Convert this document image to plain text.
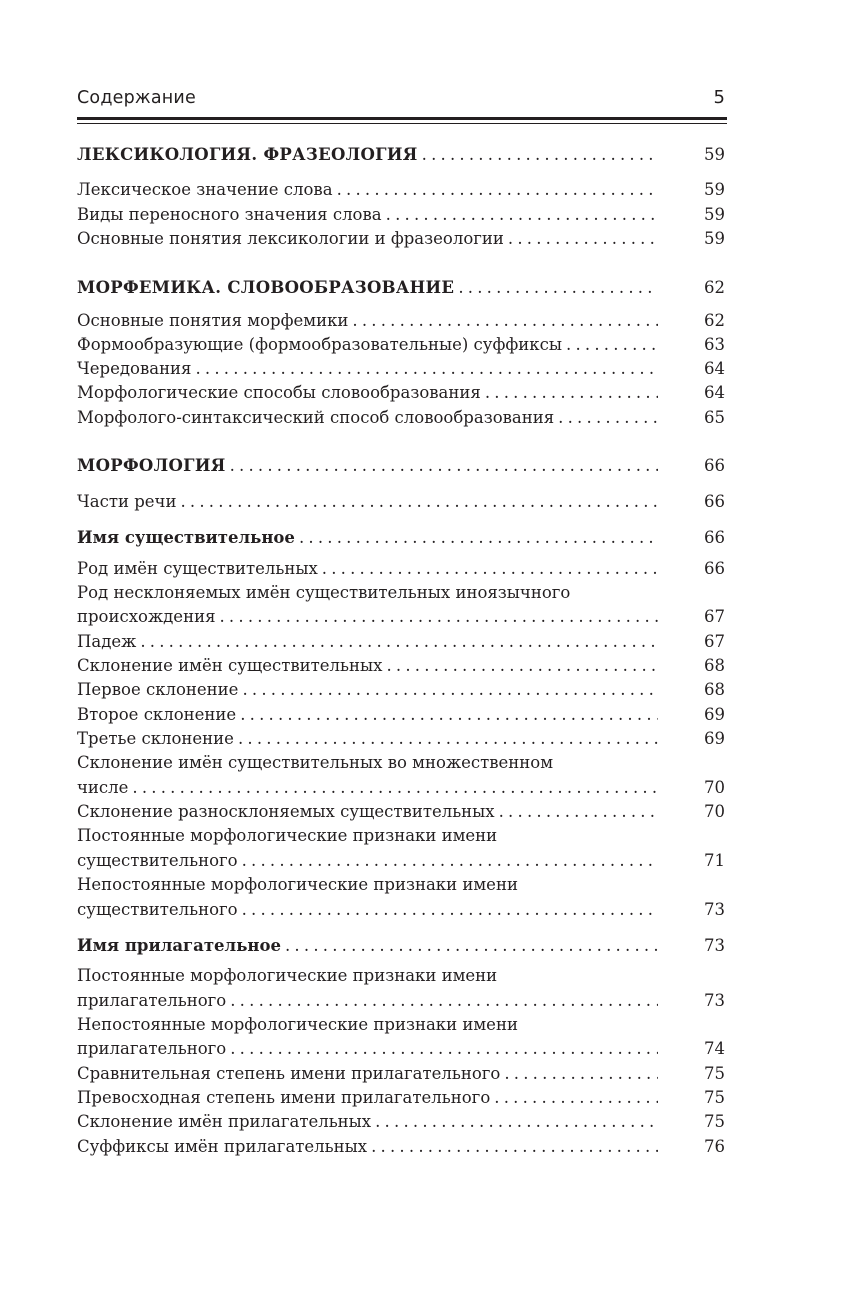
Содержание	5
ЛЕКСИКОЛОГИЯ. ФРАЗЕОЛОГИЯ .....	59
Лексическое значение слова .....	59
Виды переносного значения слова .....	59
Основные понятия лексикологии и фразеологии .....	59
МОРФЕМИКА. СЛОВООБРАЗОВАНИЕ .....	62
Основные понятия морфемики .....	62
Формообразующие (формообразовательные) суффиксы .....	63
Чередования .....	64
Морфологические способы словообразования .....	64
Морфолого-синтаксический способ словообразования .....	65
МОРФОЛОГИЯ .....	66
Части речи .....	66
Имя существительное .....	66
Род имён существительных .....	66
Род несклоняемых имён существительных иноязычного
происхождения .....	67
Падеж .....	67
Склонение имён существительных .....	68
Первое склонение .....	68
Второе склонение .....	69
Третье склонение .....	69
Склонение имён существительных во множественном
числе .....	70
Склонение разносклоняемых существительных .....	70
Постоянные морфологические признаки имени
существительного .....	71
Непостоянные морфологические признаки имени
существительного .....	73
Имя прилагательное .....	73
Постоянные морфологические признаки имени
прилагательного .....	73
Непостоянные морфологические признаки имени
прилагательного .....	74
Сравнительная степень имени прилагательного .....	75
Превосходная степень имени прилагательного .....	75
Склонение имён прилагательных .....	75
Суффиксы имён прилагательных .....	76
